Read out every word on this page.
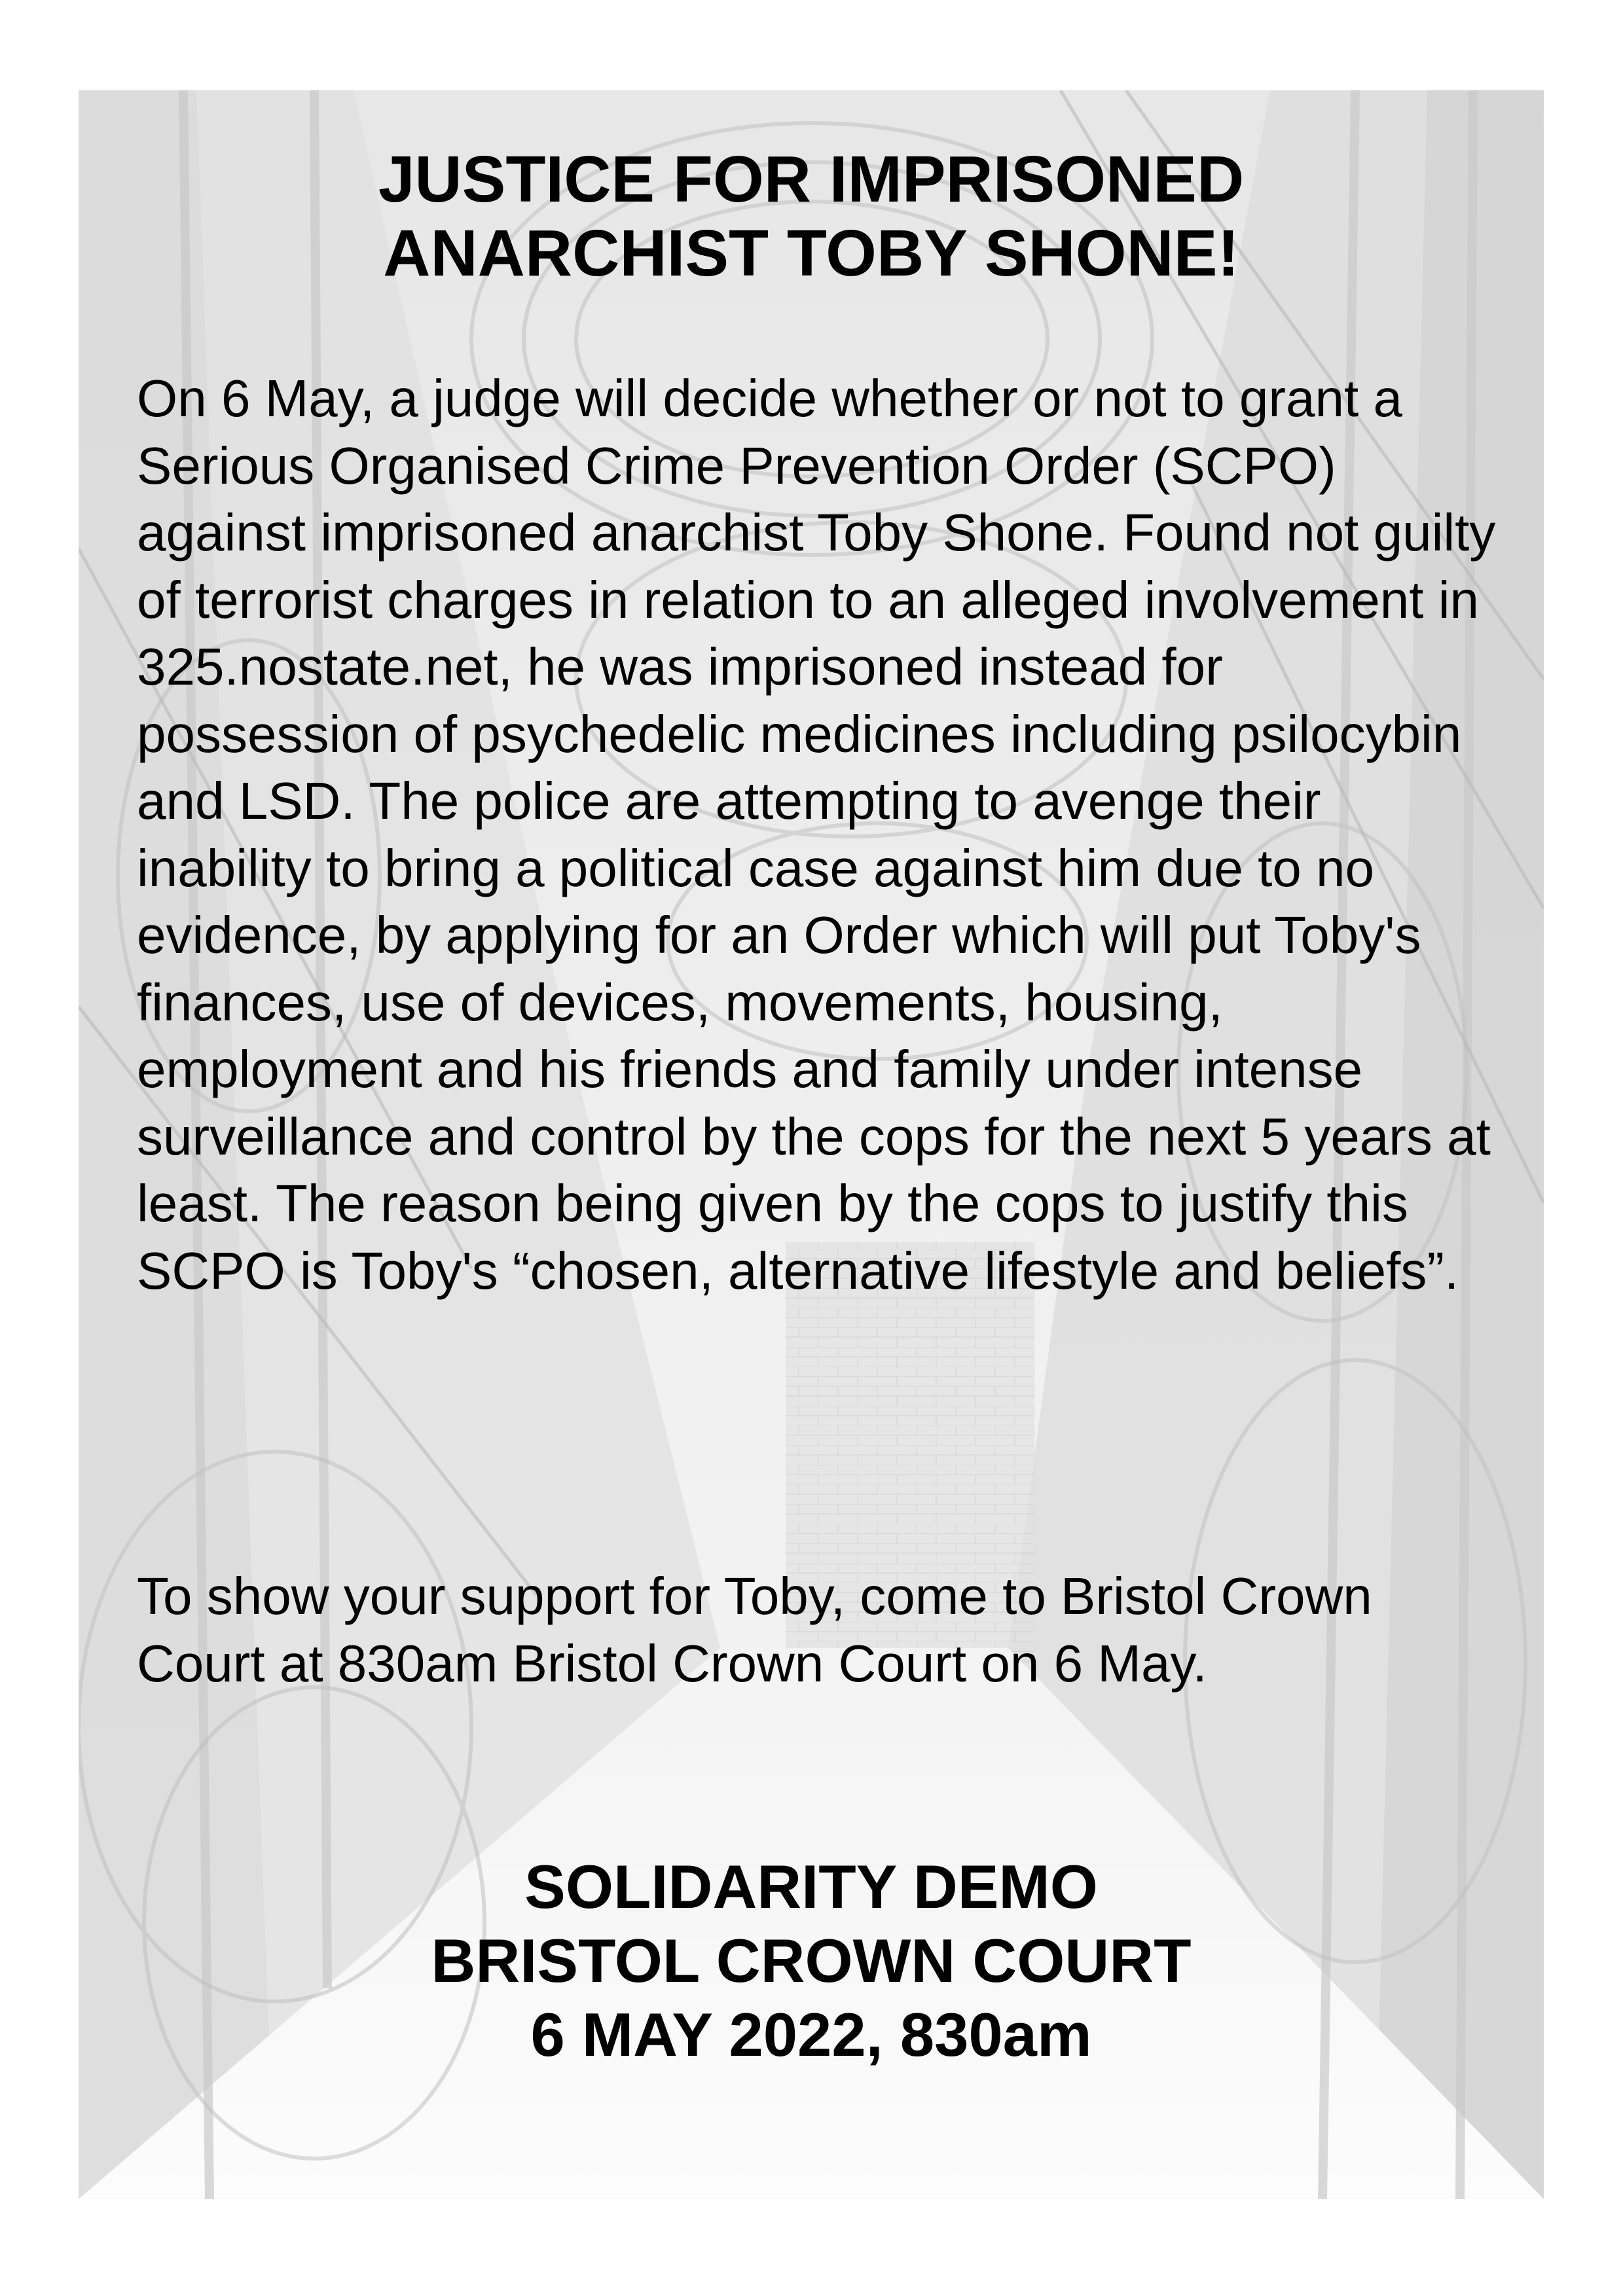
JUSTICE FOR IMPRISONED
ANARCHIST TOBY SHONE!

On 6 May, a judge will decide whether or not to grant a Serious Organised Crime Prevention Order (SCPO) against imprisoned anarchist Toby Shone. Found not guilty of terrorist charges in relation to an alleged involvement in 325.nostate.net, he was imprisoned instead for possession of psychedelic medicines including psilocybin and LSD. The police are attempting to avenge their inability to bring a political case against him due to no evidence, by applying for an Order which will put Toby's finances, use of devices, movements, housing, employment and his friends and family under intense surveillance and control by the cops for the next 5 years at least. The reason being given by the cops to justify this SCPO is Toby's “chosen, alternative lifestyle and beliefs”.

To show your support for Toby, come to Bristol Crown Court at 830am Bristol Crown Court on 6 May.

SOLIDARITY DEMO

BRISTOL CROWN COURT

6 MAY 2022, 830am
